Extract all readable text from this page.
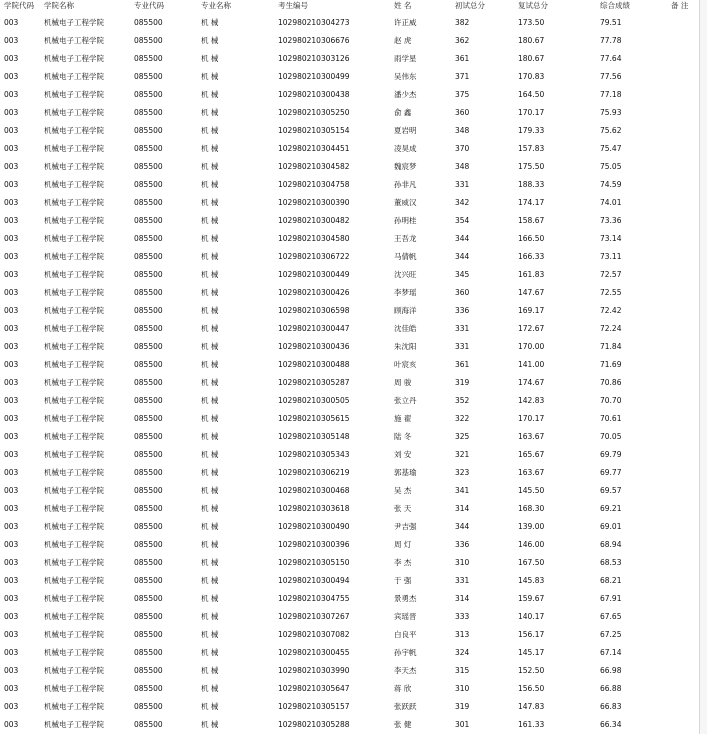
学院代码	学院名称	专业代码	专业名称	考生编号	姓 名	初试总分	复试总分	综合成绩	备 注
003	机械电子工程学院	085500	机 械	102980210304273	许正威	382	173.50	79.51	
003	机械电子工程学院	085500	机 械	102980210306676	赵 虎	362	180.67	77.78	
003	机械电子工程学院	085500	机 械	102980210303126	雨学星	361	180.67	77.64	
003	机械电子工程学院	085500	机 械	102980210300499	吴伟东	371	170.83	77.56	
003	机械电子工程学院	085500	机 械	102980210300438	潘少杰	375	164.50	77.18	
003	机械电子工程学院	085500	机 械	102980210305250	俞 鑫	360	170.17	75.93	
003	机械电子工程学院	085500	机 械	102980210305154	夏岩明	348	179.33	75.62	
003	机械电子工程学院	085500	机 械	102980210304451	凌昊成	370	157.83	75.47	
003	机械电子工程学院	085500	机 械	102980210304582	魏宸梦	348	175.50	75.05	
003	机械电子工程学院	085500	机 械	102980210304758	孙非凡	331	188.33	74.59	
003	机械电子工程学院	085500	机 械	102980210300390	董威汉	342	174.17	74.01	
003	机械电子工程学院	085500	机 械	102980210300482	孙明桂	354	158.67	73.36	
003	机械电子工程学院	085500	机 械	102980210304580	王吾龙	344	166.50	73.14	
003	机械电子工程学院	085500	机 械	102980210306722	马倩帆	344	166.33	73.11	
003	机械电子工程学院	085500	机 械	102980210300449	沈兴旺	345	161.83	72.57	
003	机械电子工程学院	085500	机 械	102980210300426	李梦瑶	360	147.67	72.55	
003	机械电子工程学院	085500	机 械	102980210306598	顾海洋	336	169.17	72.42	
003	机械电子工程学院	085500	机 械	102980210300447	沈佳皓	331	172.67	72.24	
003	机械电子工程学院	085500	机 械	102980210300436	朱沈阳	331	170.00	71.84	
003	机械电子工程学院	085500	机 械	102980210300488	叶宸亥	361	141.00	71.69	
003	机械电子工程学院	085500	机 械	102980210305287	周 骏	319	174.67	70.86	
003	机械电子工程学院	085500	机 械	102980210300505	张立丹	352	142.83	70.70	
003	机械电子工程学院	085500	机 械	102980210305615	施 翟	322	170.17	70.61	
003	机械电子工程学院	085500	机 械	102980210305148	陆 冬	325	163.67	70.05	
003	机械电子工程学院	085500	机 械	102980210305343	刘 安	321	165.67	69.79	
003	机械电子工程学院	085500	机 械	102980210306219	郭基瑜	323	163.67	69.77	
003	机械电子工程学院	085500	机 械	102980210300468	吴 杰	341	145.50	69.57	
003	机械电子工程学院	085500	机 械	102980210303618	张 天	314	168.30	69.21	
003	机械电子工程学院	085500	机 械	102980210300490	尹吉强	344	139.00	69.01	
003	机械电子工程学院	085500	机 械	102980210300396	周 灯	336	146.00	68.94	
003	机械电子工程学院	085500	机 械	102980210305150	李 杰	310	167.50	68.53	
003	机械电子工程学院	085500	机 械	102980210300494	于 强	331	145.83	68.21	
003	机械电子工程学院	085500	机 械	102980210304755	景勇杰	314	159.67	67.91	
003	机械电子工程学院	085500	机 械	102980210307267	宾瑶晋	333	140.17	67.65	
003	机械电子工程学院	085500	机 械	102980210307082	白良平	313	156.17	67.25	
003	机械电子工程学院	085500	机 械	102980210300455	孙宇帆	324	145.17	67.14	
003	机械电子工程学院	085500	机 械	102980210303990	李天杰	315	152.50	66.98	
003	机械电子工程学院	085500	机 械	102980210305647	蒋 欣	310	156.50	66.88	
003	机械电子工程学院	085500	机 械	102980210305157	张跃跃	319	147.83	66.83	
003	机械电子工程学院	085500	机 械	102980210305288	张 健	301	161.33	66.34	
